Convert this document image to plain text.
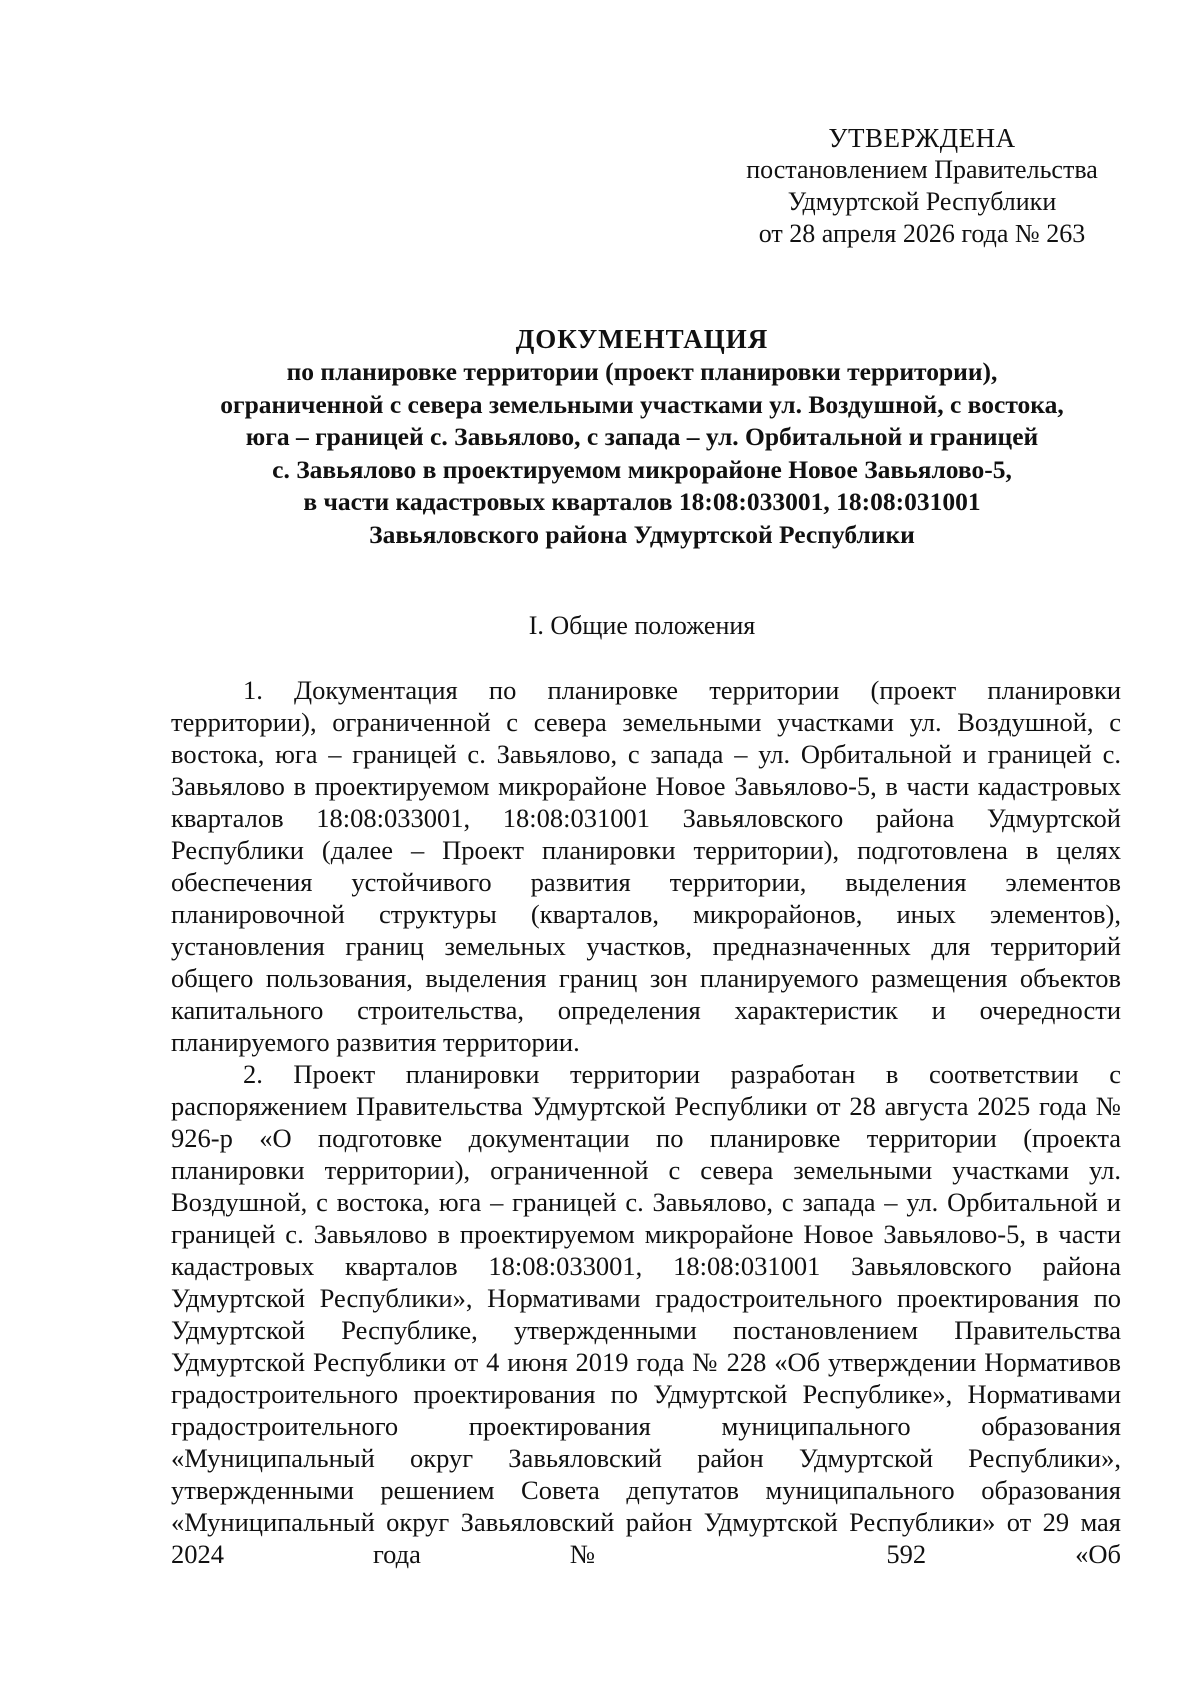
УТВЕРЖДЕНА
постановлением Правительства
Удмуртской Республики
от 28 апреля 2026 года № 263
ДОКУМЕНТАЦИЯ
по планировке территории (проект планировки территории),
ограниченной с севера земельными участками ул. Воздушной, с востока,
юга – границей с. Завьялово, с запада – ул. Орбитальной и границей
с. Завьялово в проектируемом микрорайоне Новое Завьялово-5,
в части кадастровых кварталов 18:08:033001, 18:08:031001
Завьяловского района Удмуртской Республики
I. Общие положения

1. Документация по планировке территории (проект планировки территории), ограниченной с севера земельными участками ул. Воздушной, с востока, юга – границей с. Завьялово, с запада – ул. Орбитальной и границей с. Завьялово в проектируемом микрорайоне Новое Завьялово-5, в части кадастровых кварталов 18:08:033001, 18:08:031001 Завьяловского района Удмуртской Республики (далее – Проект планировки территории), подготовлена в целях обеспечения устойчивого развития территории, выделения элементов планировочной структуры (кварталов, микрорайонов, иных элементов), установления границ земельных участков, предназначенных для территорий общего пользования, выделения границ зон планируемого размещения объектов капитального строительства, определения характеристик и очередности планируемого развития территории.

2. Проект планировки территории разработан в соответствии с распоряжением Правительства Удмуртской Республики от 28 августа 2025 года № 926-р «О подготовке документации по планировке территории (проекта планировки территории), ограниченной с севера земельными участками ул. Воздушной, с востока, юга – границей с. Завьялово, с запада – ул. Орбитальной и границей с. Завьялово в проектируемом микрорайоне Новое Завьялово-5, в части кадастровых кварталов 18:08:033001, 18:08:031001 Завьяловского района Удмуртской Республики», Нормативами градостроительного проектирования по Удмуртской Республике, утвержденными постановлением Правительства Удмуртской Республики от 4 июня 2019 года № 228 «Об утверждении Нормативов градостроительного проектирования по Удмуртской Республике», Нормативами градостроительного проектирования муниципального образования «Муниципальный округ Завьяловский район Удмуртской Республики», утвержденными решением Совета депутатов муниципального образования «Муниципальный округ Завьяловский район Удмуртской Республики» от 29 мая 2024 года № 592 «Об
